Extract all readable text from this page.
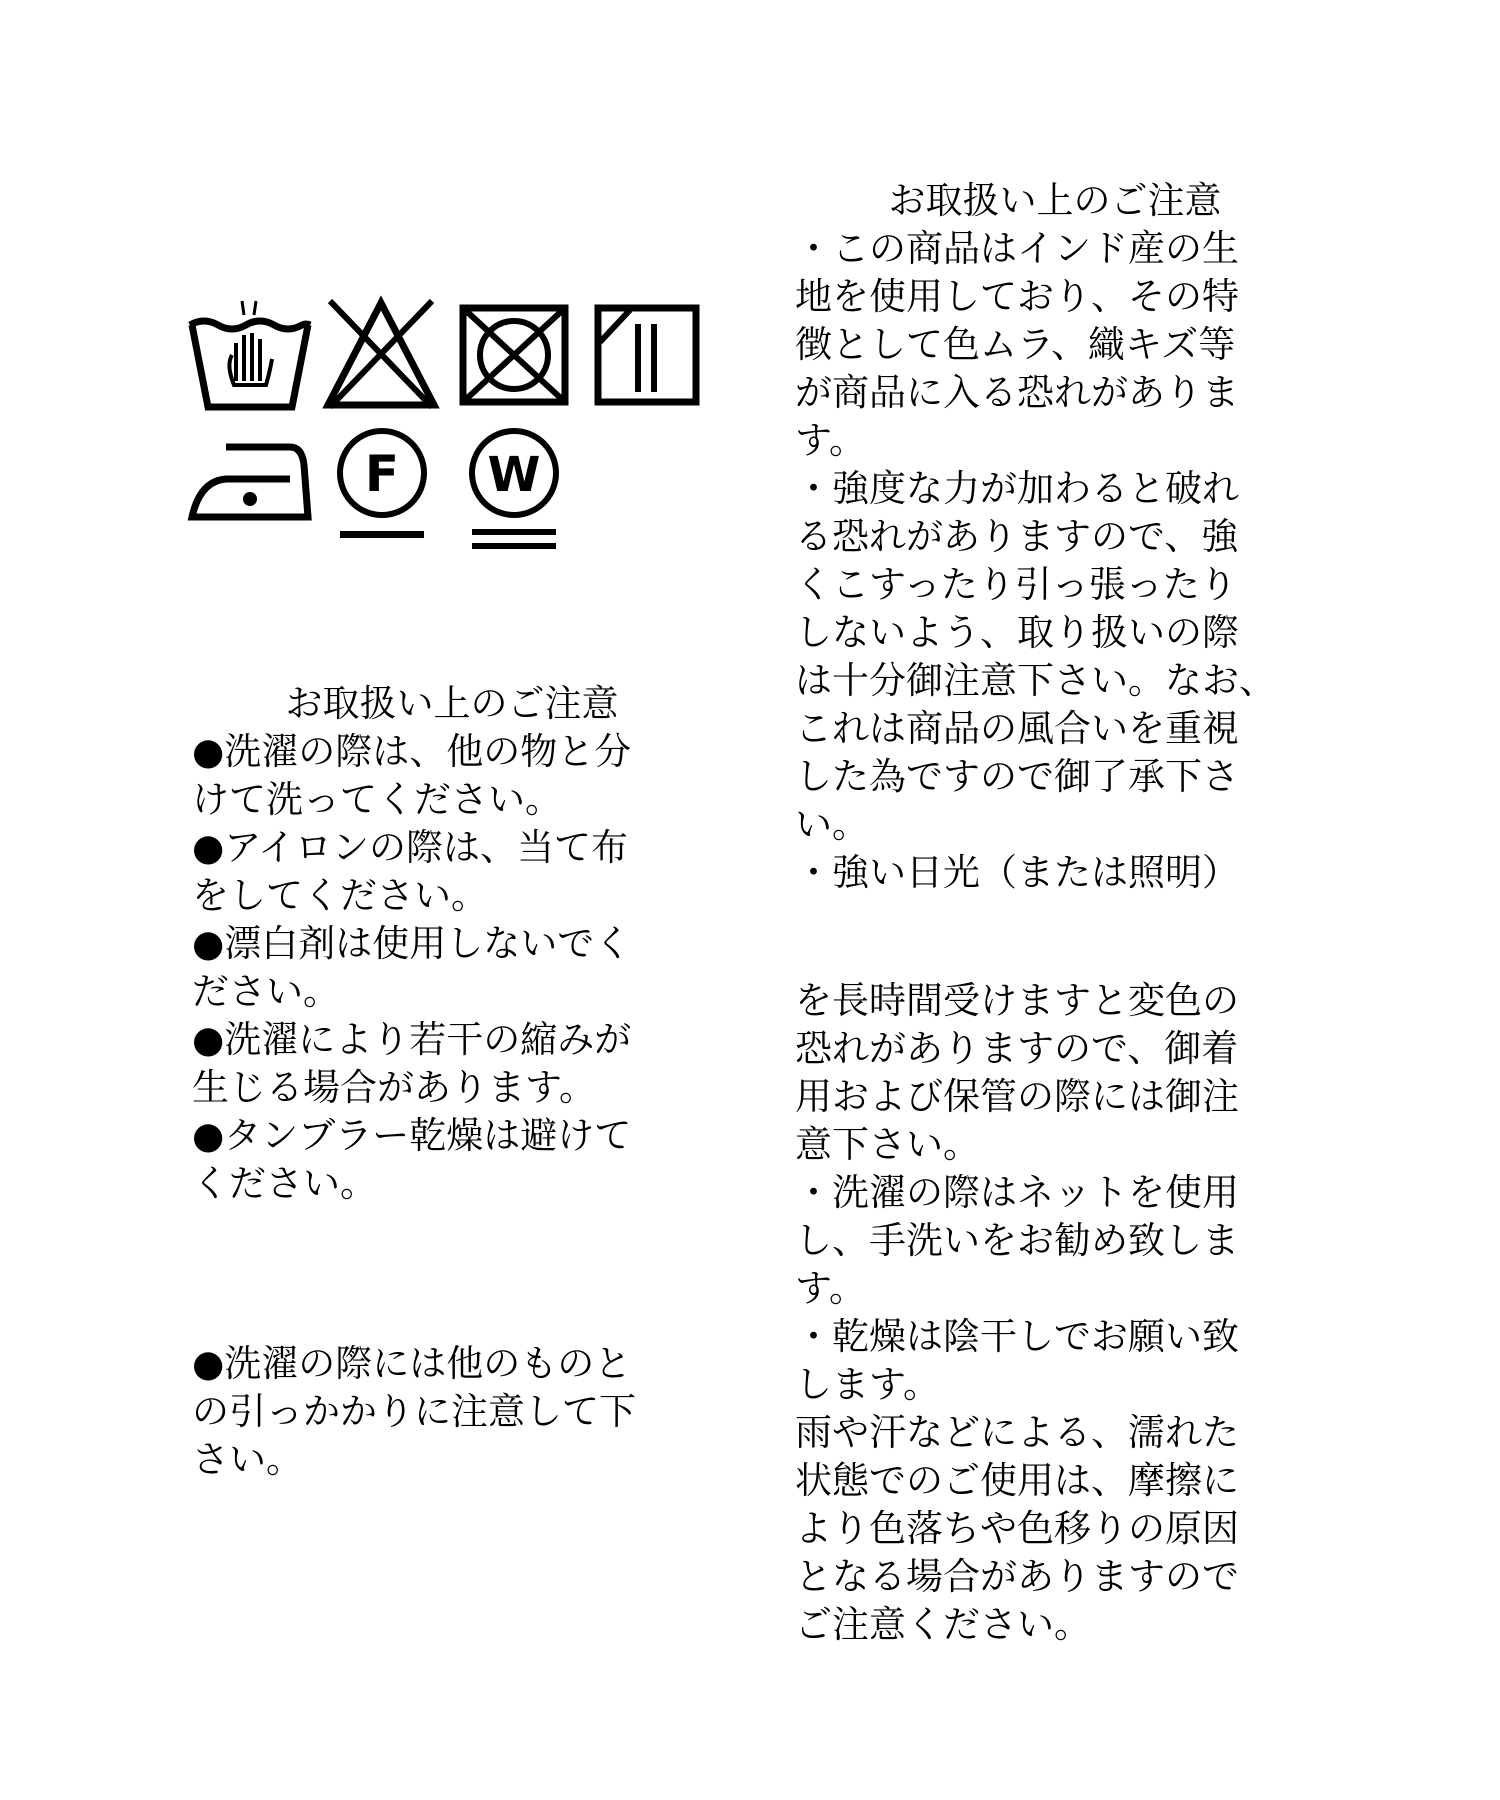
F W
お取扱い上のご注意
●洗濯の際は、他の物と分
けて洗ってください。
●アイロンの際は、当て布
をしてください。
●漂白剤は使用しないでく
ださい。
●洗濯により若干の縮みが
生じる場合があります。
●タンブラー乾燥は避けて
ください。
●洗濯の際には他のものと
の引っかかりに注意して下
さい。
お取扱い上のご注意
・この商品はインド産の生
地を使用しており、その特
徴として色ムラ、織キズ等
が商品に入る恐れがありま
す。
・強度な力が加わると破れ
る恐れがありますので、強
くこすったり引っ張ったり
しないよう、取り扱いの際
は十分御注意下さい。なお、
これは商品の風合いを重視
した為ですので御了承下さ
い。
・強い日光（または照明）
を長時間受けますと変色の
恐れがありますので、御着
用および保管の際には御注
意下さい。
・洗濯の際はネットを使用
し、手洗いをお勧め致しま
す。
・乾燥は陰干しでお願い致
します。
雨や汗などによる、濡れた
状態でのご使用は、摩擦に
より色落ちや色移りの原因
となる場合がありますので
ご注意ください。
